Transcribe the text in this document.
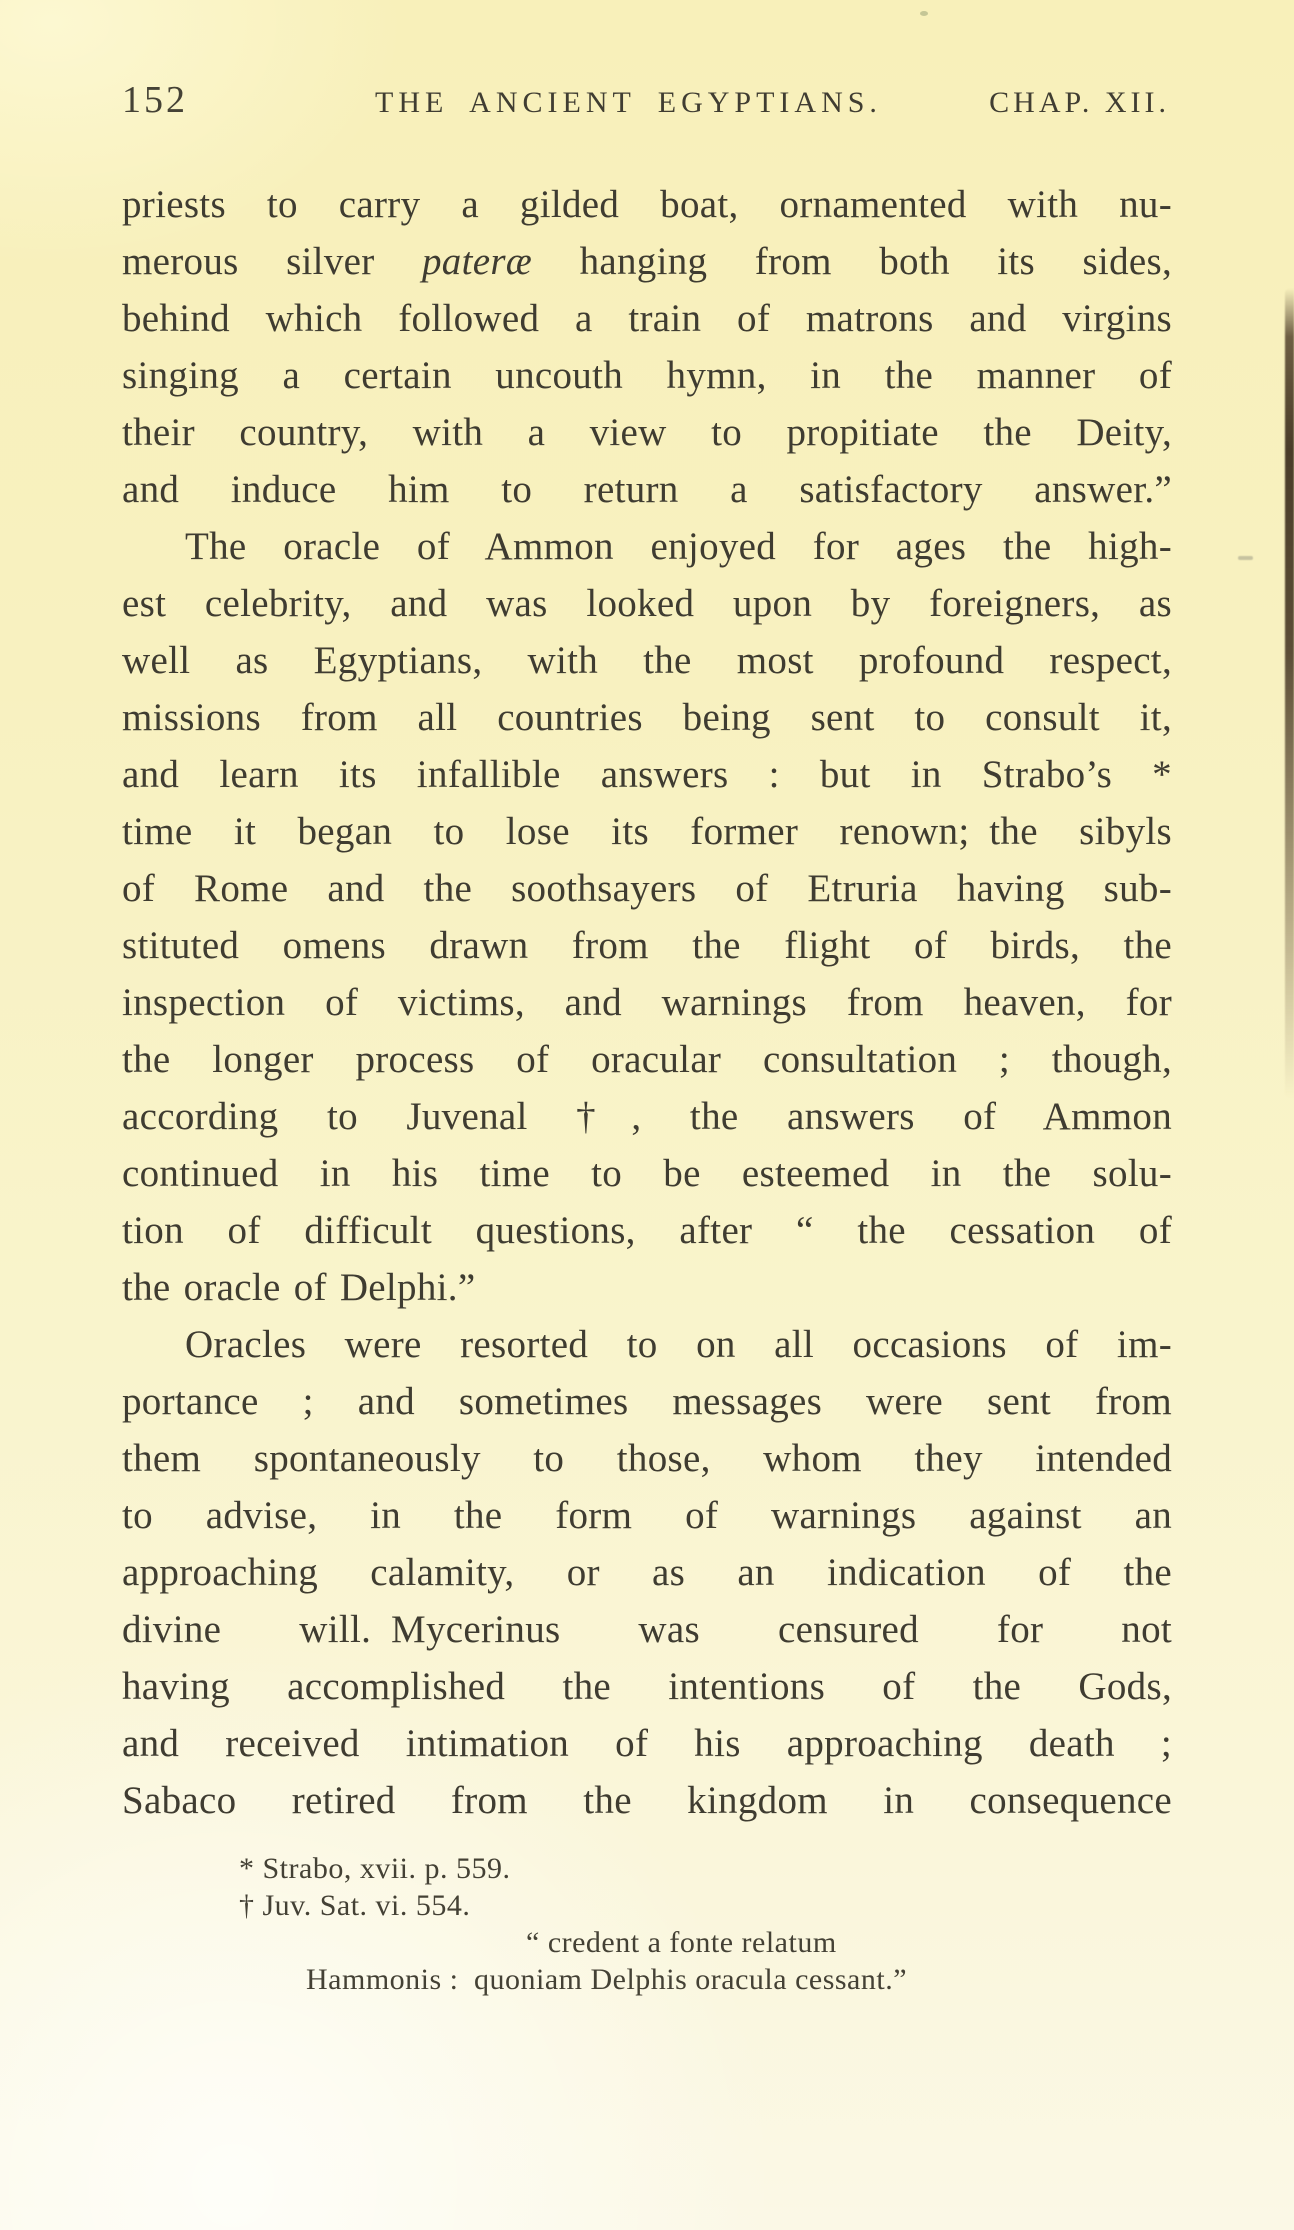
152	THE ANCIENT EGYPTIANS.	CHAP. XII.
priests to carry a gilded boat, ornamented with nu-
merous silver pateræ hanging from both its sides,
behind which followed a train of matrons and virgins
singing a certain uncouth hymn, in the manner of
their country, with a view to propitiate the Deity,
and induce him to return a satisfactory answer.”
The oracle of Ammon enjoyed for ages the high-
est celebrity, and was looked upon by foreigners, as
well as Egyptians, with the most profound respect,
missions from all countries being sent to consult it,
and learn its infallible answers : but in Strabo’s *
time it began to lose its former renown; the sibyls
of Rome and the soothsayers of Etruria having sub-
stituted omens drawn from the flight of birds, the
inspection of victims, and warnings from heaven, for
the longer process of oracular consultation ; though,
according to Juvenal †, the answers of Ammon
continued in his time to be esteemed in the solu-
tion of difficult questions, after “ the cessation of
the oracle of Delphi.”
Oracles were resorted to on all occasions of im-
portance ; and sometimes messages were sent from
them spontaneously to those, whom they intended
to advise, in the form of warnings against an
approaching calamity, or as an indication of the
divine will. Mycerinus was censured for not
having accomplished the intentions of the Gods,
and received intimation of his approaching death ;
Sabaco retired from the kingdom in consequence
* Strabo, xvii. p. 559.
† Juv. Sat. vi. 554.
“ credent a fonte relatum
Hammonis : quoniam Delphis oracula cessant.”
